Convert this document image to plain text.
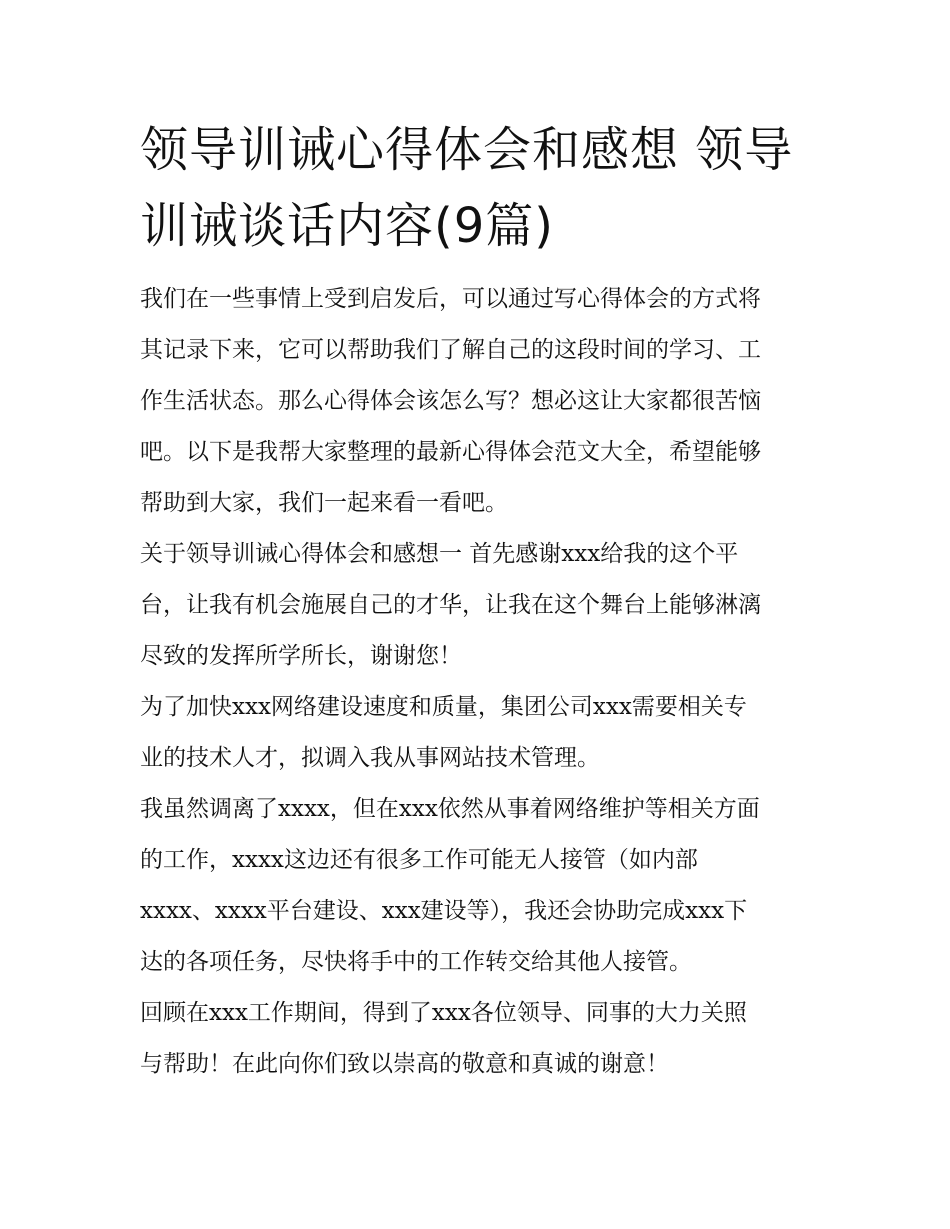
领导训诫心得体会和感想 领导
训诫谈话内容(9篇)

我们在一些事情上受到启发后，可以通过写心得体会的方式将
其记录下来，它可以帮助我们了解自己的这段时间的学习、工
作生活状态。那么心得体会该怎么写？想必这让大家都很苦恼
吧。以下是我帮大家整理的最新心得体会范文大全，希望能够
帮助到大家，我们一起来看一看吧。

关于领导训诫心得体会和感想一 首先感谢xxx给我的这个平
台，让我有机会施展自己的才华，让我在这个舞台上能够淋漓
尽致的发挥所学所长，谢谢您！

为了加快xxx网络建设速度和质量，集团公司xxx需要相关专
业的技术人才，拟调入我从事网站技术管理。

我虽然调离了xxxx，但在xxx依然从事着网络维护等相关方面
的工作，xxxx这边还有很多工作可能无人接管（如内部
xxxx、xxxx平台建设、xxx建设等），我还会协助完成xxx下
达的各项任务，尽快将手中的工作转交给其他人接管。

回顾在xxx工作期间，得到了xxx各位领导、同事的大力关照
与帮助！在此向你们致以崇高的敬意和真诚的谢意！
